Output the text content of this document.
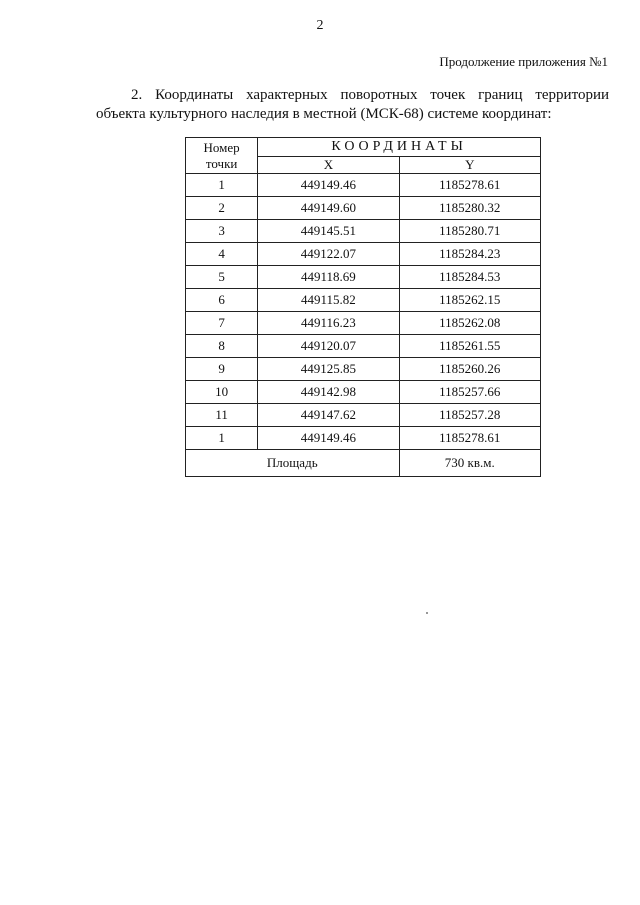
2
Продолжение приложения №1

2. Координаты характерных поворотных точек границ территории
объекта культурного наследия в местной (МСК-68) системе координат:

Номер
точки	КООРДИНАТЫ	
	X	Y
1	449149.46	1185278.61
2	449149.60	1185280.32
3	449145.51	1185280.71
4	449122.07	1185284.23
5	449118.69	1185284.53
6	449115.82	1185262.15
7	449116.23	1185262.08
8	449120.07	1185261.55
9	449125.85	1185260.26
10	449142.98	1185257.66
11	449147.62	1185257.28
1	449149.46	1185278.61
Площадь		730 кв.м.
